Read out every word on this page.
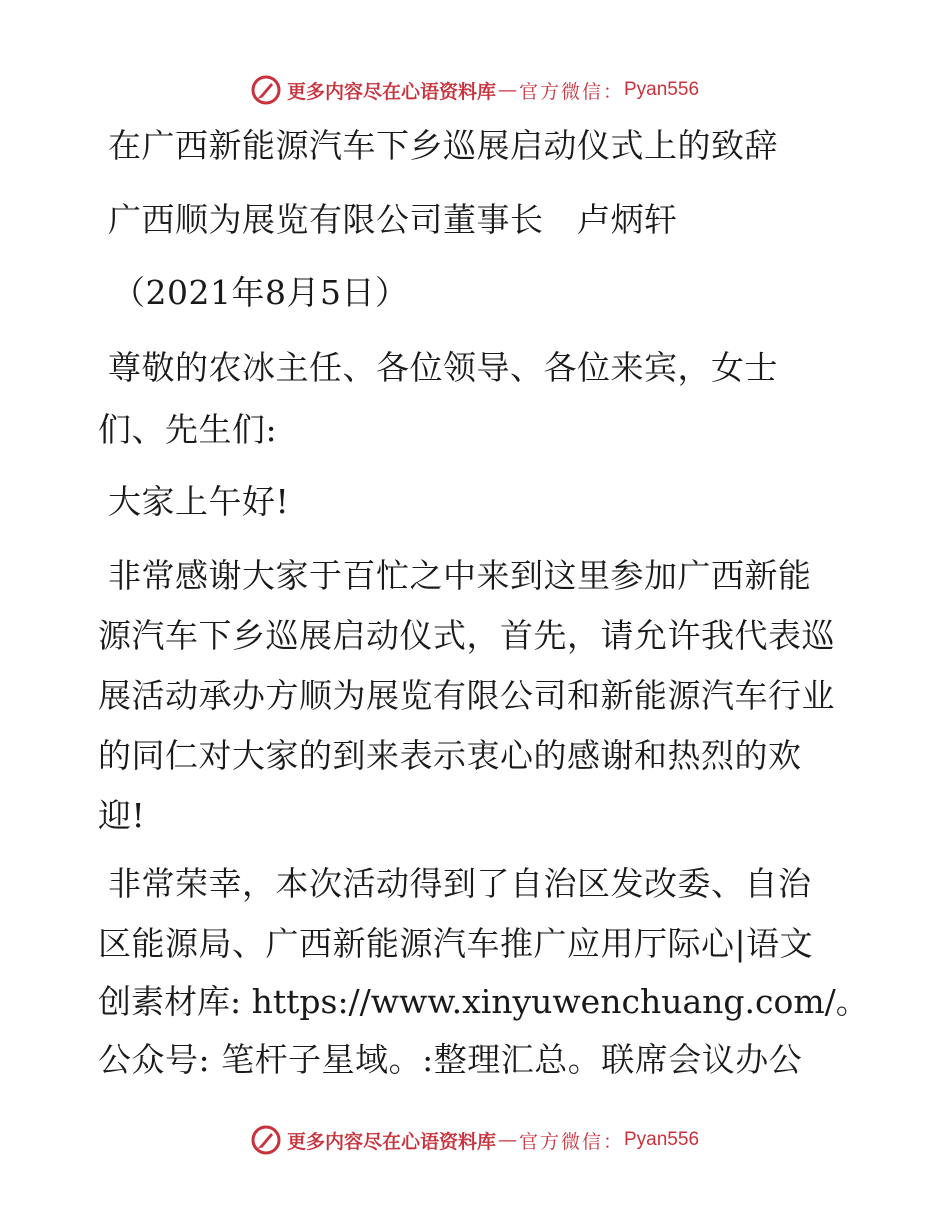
更多内容尽在心语资料库 — 官方微信： Pyan556
在广西新能源汽车下乡巡展启动仪式上的致辞
广西顺为展览有限公司董事长　卢炳轩
（2021年8月5日）
尊敬的农冰主任、各位领导、各位来宾，女士
们、先生们:
大家上午好!
非常感谢大家于百忙之中来到这里参加广西新能
源汽车下乡巡展启动仪式，首先，请允许我代表巡
展活动承办方顺为展览有限公司和新能源汽车行业
的同仁对大家的到来表示衷心的感谢和热烈的欢
迎!
非常荣幸，本次活动得到了自治区发改委、自治
区能源局、广西新能源汽车推广应用厅际心|语文
创素材库: https://www.xinyuwenchuang.com/。
公众号: 笔杆子星域。:整理汇总。联席会议办公
更多内容尽在心语资料库 — 官方微信： Pyan556
